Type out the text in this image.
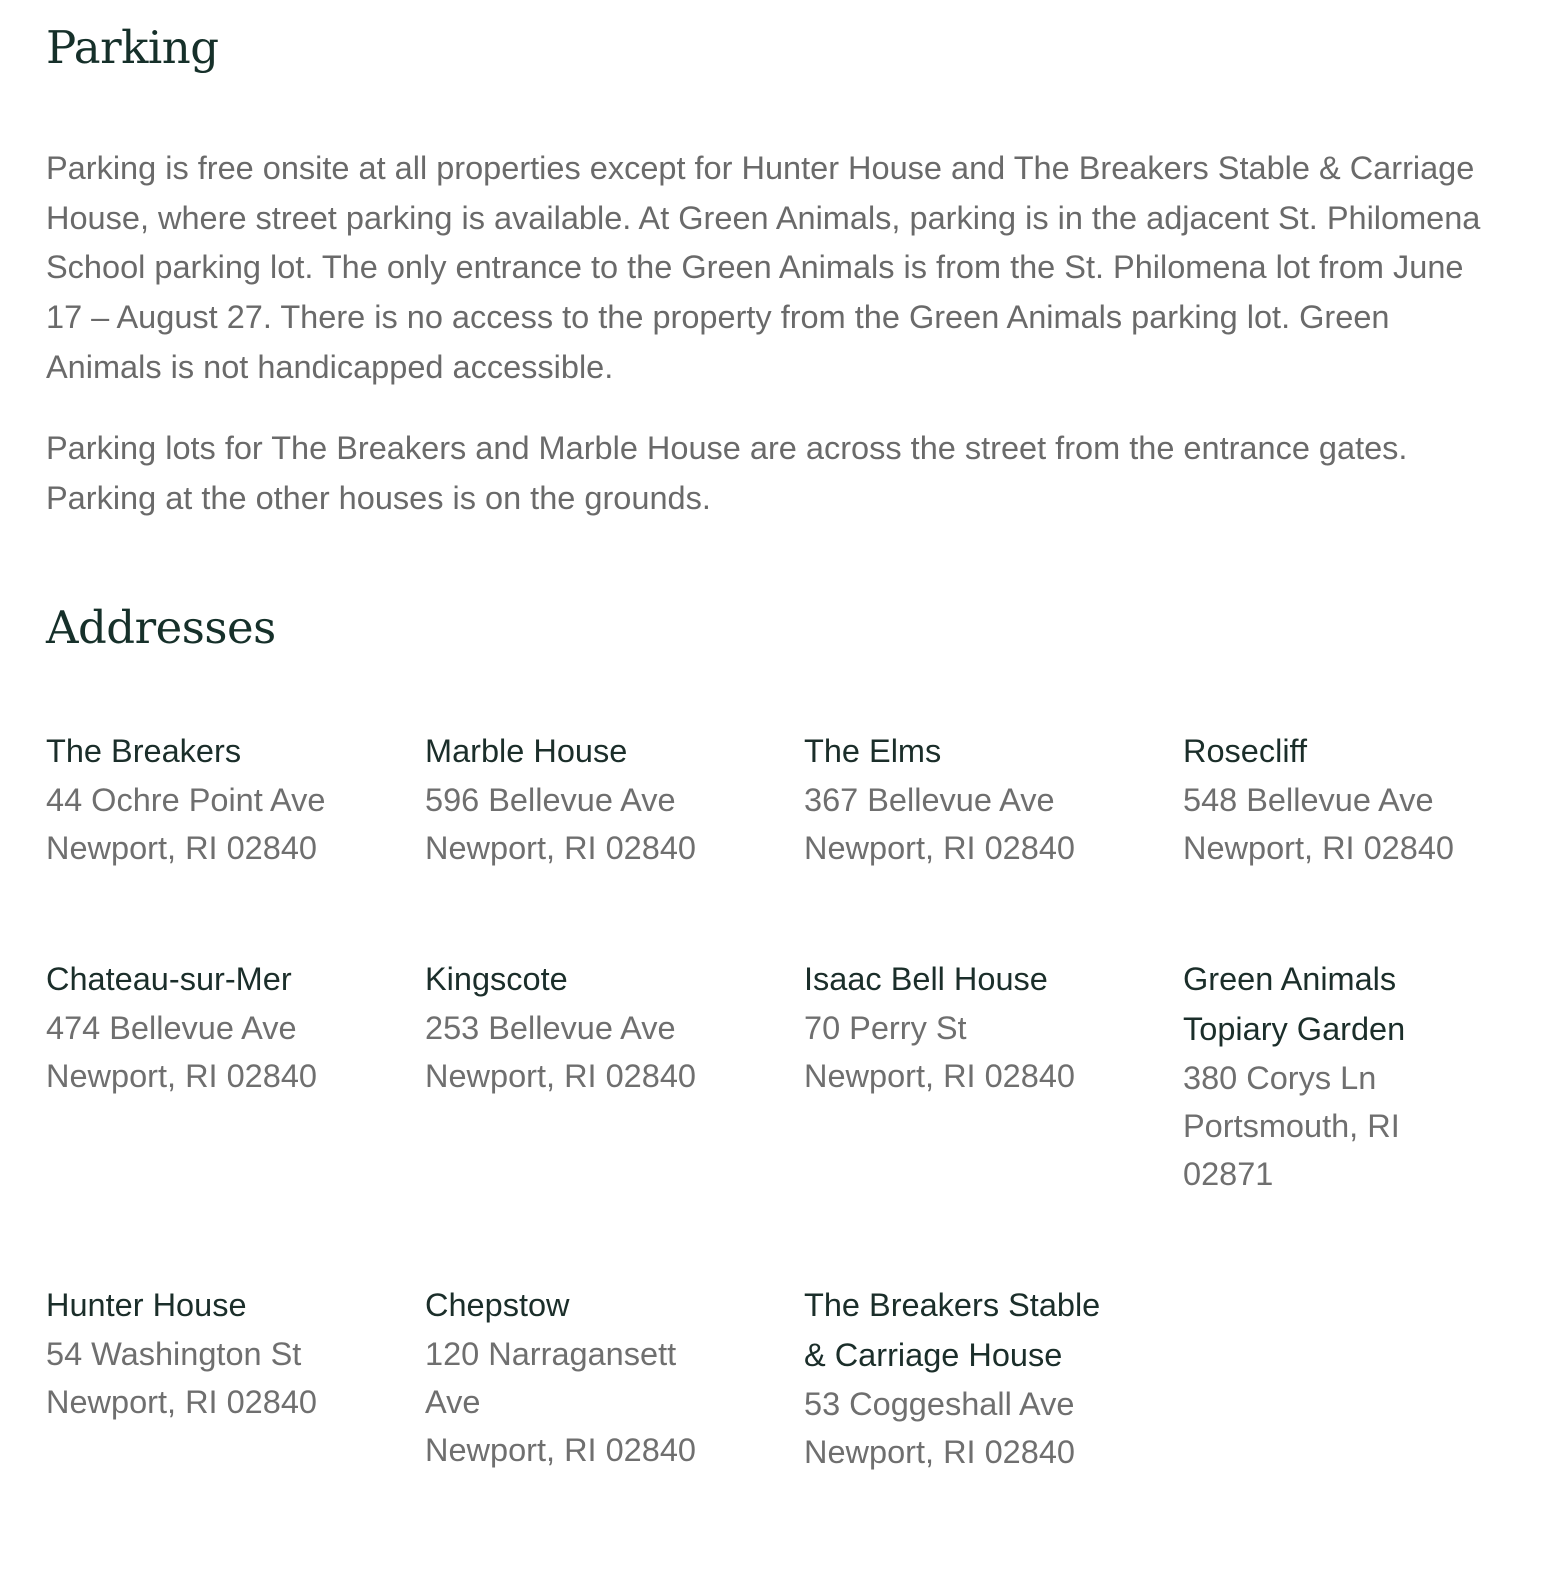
Parking

Parking is free onsite at all properties except for Hunter House and The Breakers Stable & Carriage House, where street parking is available. At Green Animals, parking is in the adjacent St. Philomena School parking lot. The only entrance to the Green Animals is from the St. Philomena lot from June 17 – August 27. There is no access to the property from the Green Animals parking lot. Green Animals is not handicapped accessible.

Parking lots for The Breakers and Marble House are across the street from the entrance gates. Parking at the other houses is on the grounds.

Addresses
The Breakers
44 Ochre Point Ave
Newport, RI 02840
Marble House
596 Bellevue Ave
Newport, RI 02840
The Elms
367 Bellevue Ave
Newport, RI 02840
Rosecliff
548 Bellevue Ave
Newport, RI 02840
Chateau-sur-Mer
474 Bellevue Ave
Newport, RI 02840
Kingscote
253 Bellevue Ave
Newport, RI 02840
Isaac Bell House
70 Perry St
Newport, RI 02840
Green Animals Topiary Garden
380 Corys Ln
Portsmouth, RI 02871
Hunter House
54 Washington St
Newport, RI 02840
Chepstow
120 Narragansett Ave
Newport, RI 02840
The Breakers Stable & Carriage House
53 Coggeshall Ave
Newport, RI 02840
